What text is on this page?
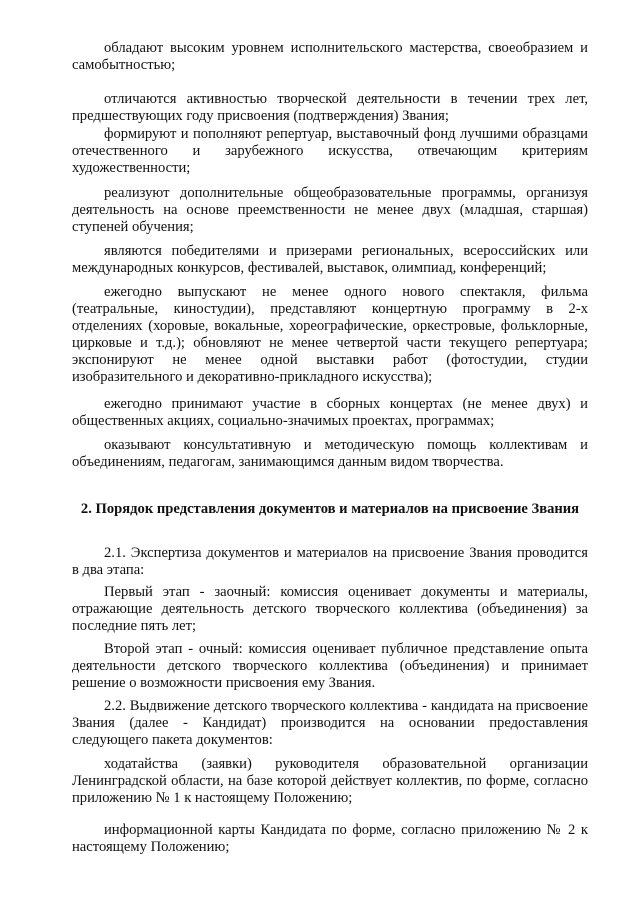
обладают высоким уровнем исполнительского мастерства, своеобразием и самобытностью;

отличаются активностью творческой деятельности в течении трех лет, предшествующих году присвоения (подтверждения) Звания;

формируют и пополняют репертуар, выставочный фонд лучшими образцами отечественного и зарубежного искусства, отвечающим критериям художественности;

реализуют дополнительные общеобразовательные программы, организуя деятельность на основе преемственности не менее двух (младшая, старшая) ступеней обучения;

являются победителями и призерами региональных, всероссийских или международных конкурсов, фестивалей, выставок, олимпиад, конференций;

ежегодно выпускают не менее одного нового спектакля, фильма (театральные, киностудии), представляют концертную программу в 2-х отделениях (хоровые, вокальные, хореографические, оркестровые, фольклорные, цирковые и т.д.); обновляют не менее четвертой части текущего репертуара; экспонируют не менее одной выставки работ (фотостудии, студии изобразительного и декоративно-прикладного искусства);

ежегодно принимают участие в сборных концертах (не менее двух) и общественных акциях, социально-значимых проектах, программах;

оказывают консультативную и методическую помощь коллективам и объединениям, педагогам, занимающимся данным видом творчества.

2. Порядок представления документов и материалов на присвоение Звания

2.1. Экспертиза документов и материалов на присвоение Звания проводится в два этапа:

Первый этап - заочный: комиссия оценивает документы и материалы, отражающие деятельность детского творческого коллектива (объединения) за последние пять лет;

Второй этап - очный: комиссия оценивает публичное представление опыта деятельности детского творческого коллектива (объединения) и принимает решение о возможности присвоения ему Звания.

2.2. Выдвижение детского творческого коллектива - кандидата на присвоение Звания (далее - Кандидат) производится на основании предоставления следующего пакета документов:

ходатайства (заявки) руководителя образовательной организации Ленинградской области, на базе которой действует коллектив, по форме, согласно приложению № 1 к настоящему Положению;

информационной карты Кандидата по форме, согласно приложению № 2 к настоящему Положению;
